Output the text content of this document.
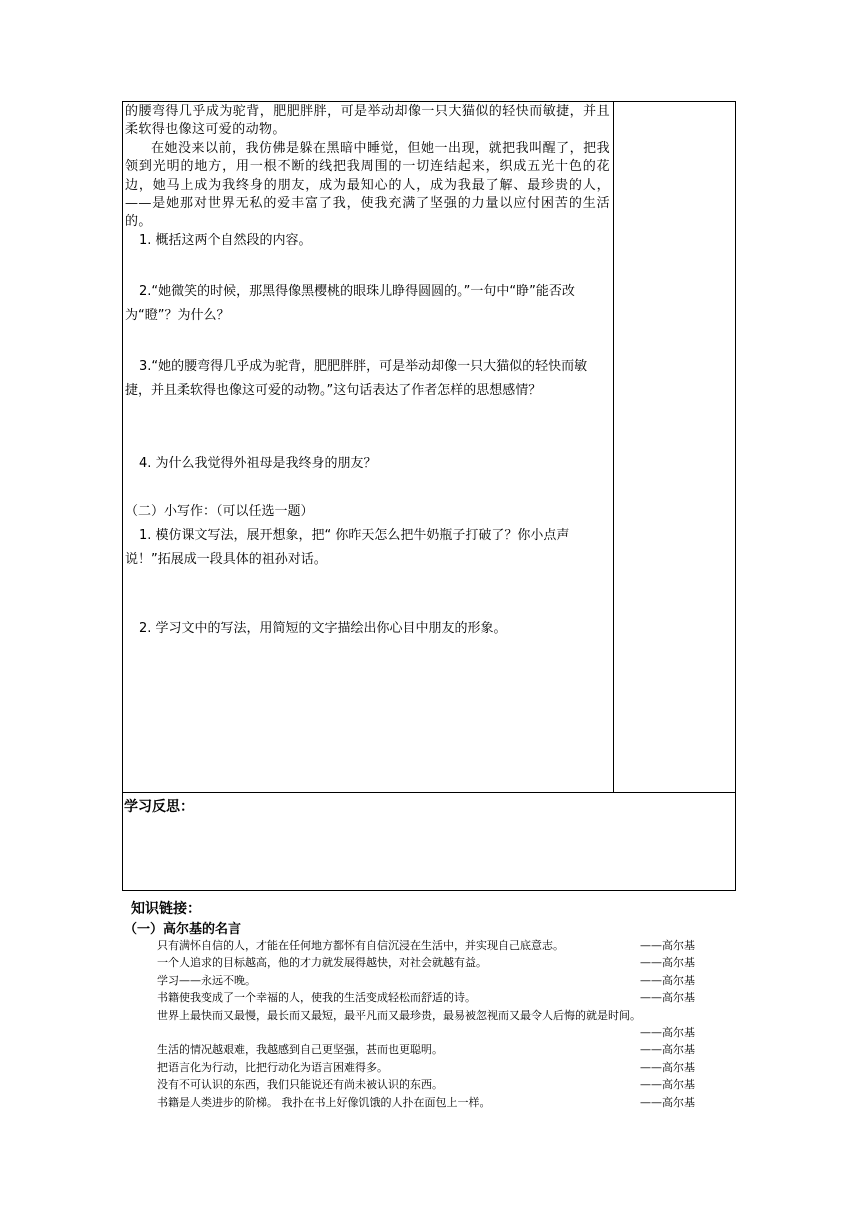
的腰弯得几乎成为驼背，肥肥胖胖，可是举动却像一只大猫似的轻快而敏捷，并且柔软得也像这可爱的动物。

在她没来以前，我仿佛是躲在黑暗中睡觉，但她一出现，就把我叫醒了，把我领到光明的地方，用一根不断的线把我周围的一切连结起来，织成五光十色的花边，她马上成为我终身的朋友，成为最知心的人，成为我最了解、最珍贵的人，——是她那对世界无私的爱丰富了我，使我充满了坚强的力量以应付困苦的生活的。

1. 概括这两个自然段的内容。

2.“她微笑的时候，那黑得像黑樱桃的眼珠儿睁得圆圆的。”一句中“睁”能否改为“瞪”？为什么？

3.“她的腰弯得几乎成为驼背，肥肥胖胖，可是举动却像一只大猫似的轻快而敏捷，并且柔软得也像这可爱的动物。”这句话表达了作者怎样的思想感情？

4. 为什么我觉得外祖母是我终身的朋友？

（二）小写作：（可以任选一题）

1. 模仿课文写法，展开想象，把“ 你昨天怎么把牛奶瓶子打破了？你小点声说！”拓展成一段具体的祖孙对话。

2. 学习文中的写法，用简短的文字描绘出你心目中朋友的形象。

学习反思：

知识链接：

（一）高尔基的名言

只有满怀自信的人，才能在任何地方都怀有自信沉浸在生活中，并实现自己底意志。	——高尔基
一个人追求的目标越高，他的才力就发展得越快，对社会就越有益。	——高尔基
学习——永远不晚。	——高尔基
书籍使我变成了一个幸福的人，使我的生活变成轻松而舒适的诗。	——高尔基
世界上最快而又最慢，最长而又最短，最平凡而又最珍贵，最易被忽视而又最令人后悔的就是时间。
——高尔基
生活的情况越艰难，我越感到自己更坚强，甚而也更聪明。	——高尔基
把语言化为行动，比把行动化为语言困难得多。	——高尔基
没有不可认识的东西，我们只能说还有尚未被认识的东西。	——高尔基
书籍是人类进步的阶梯。 我扑在书上好像饥饿的人扑在面包上一样。	——高尔基
